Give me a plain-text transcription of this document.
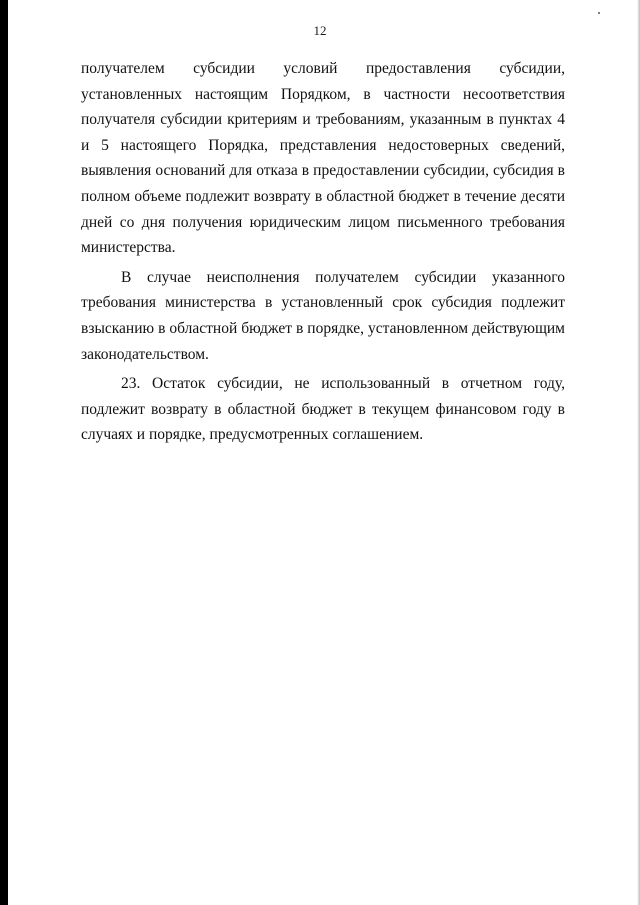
12

получателем субсидии условий предоставления субсидии, установленных настоящим Порядком, в частности несоответствия получателя субсидии критериям и требованиям, указанным в пунктах 4 и 5 настоящего Порядка, представления недостоверных сведений, выявления оснований для отказа в предоставлении субсидии, субсидия в полном объеме подлежит возврату в областной бюджет в течение десяти дней со дня получения юридическим лицом письменного требования министерства.

В случае неисполнения получателем субсидии указанного требования министерства в установленный срок субсидия подлежит взысканию в областной бюджет в порядке, установленном действующим законодательством.

23. Остаток субсидии, не использованный в отчетном году, подлежит возврату в областной бюджет в текущем финансовом году в случаях и порядке, предусмотренных соглашением.
